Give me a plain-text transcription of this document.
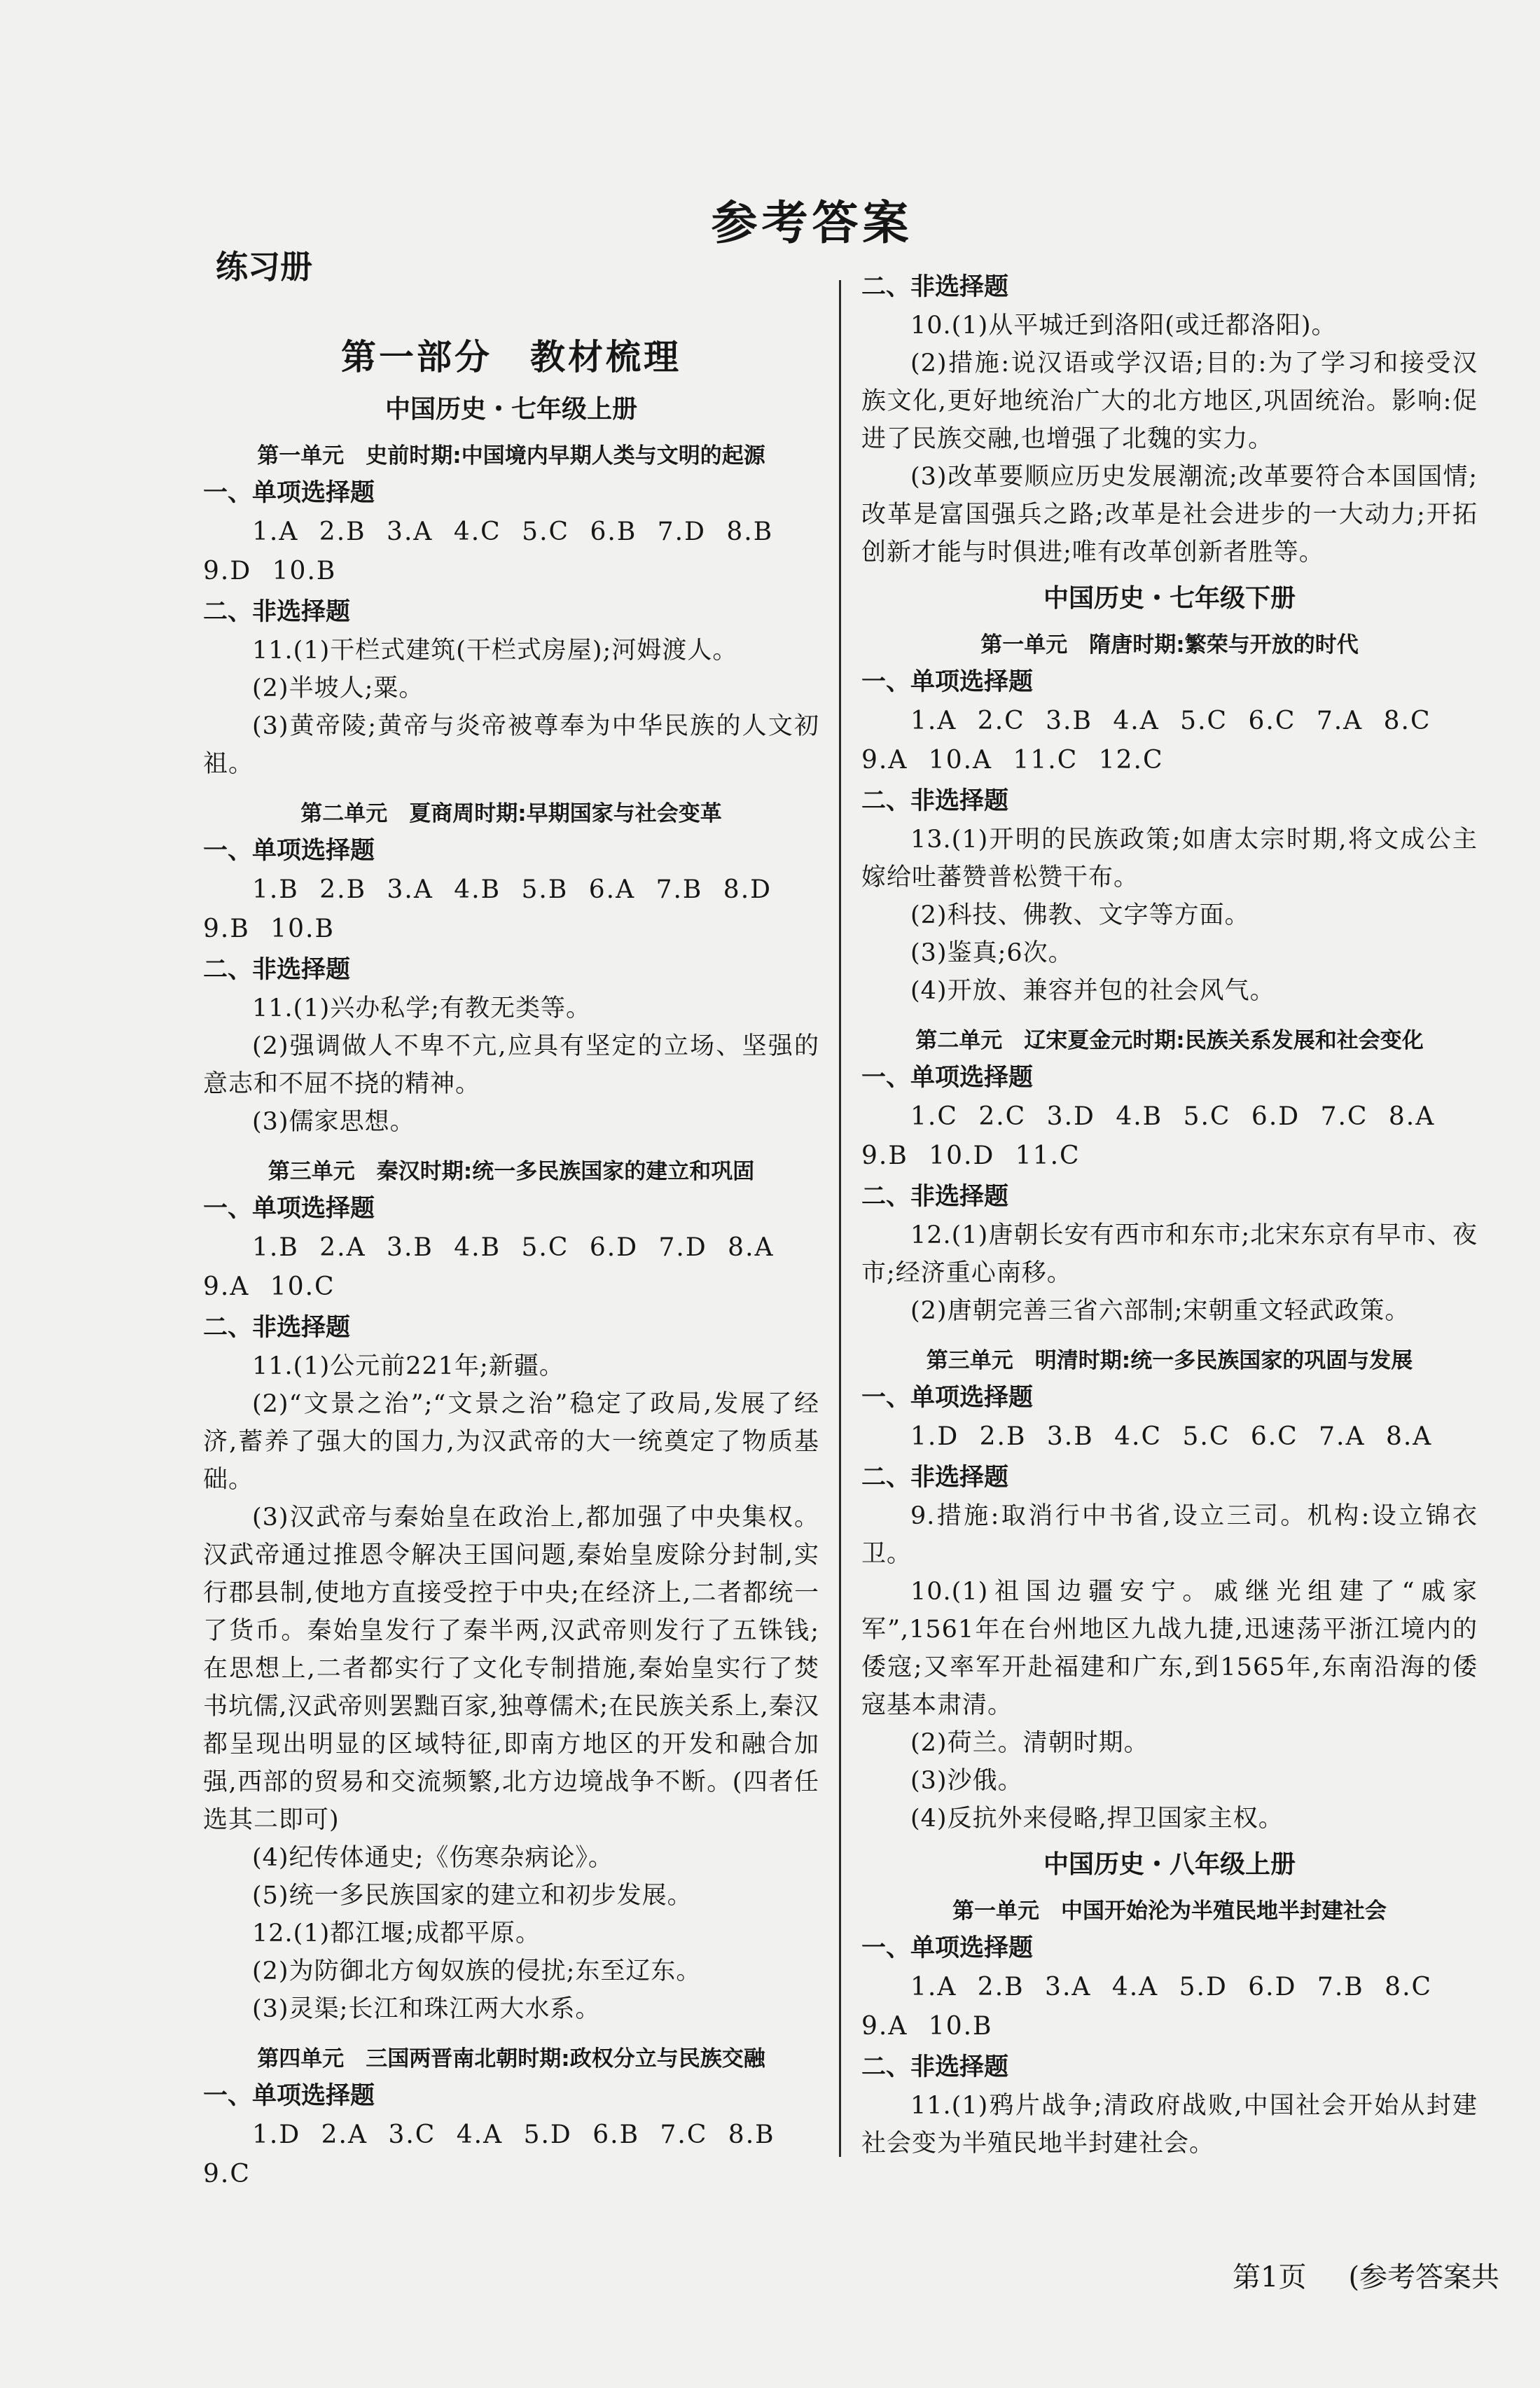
参考答案
练习册
第一部分　教材梳理
中国历史・七年级上册
第一单元　史前时期:中国境内早期人类与文明的起源
一、单项选择题
1.A 2.B 3.A 4.C 5.C 6.B 7.D 8.B
9.D 10.B
二、非选择题
11.(1)干栏式建筑(干栏式房屋);河姆渡人。
(2)半坡人;粟。
(3)黄帝陵;黄帝与炎帝被尊奉为中华民族的人文初祖。
第二单元　夏商周时期:早期国家与社会变革
一、单项选择题
1.B 2.B 3.A 4.B 5.B 6.A 7.B 8.D
9.B 10.B
二、非选择题
11.(1)兴办私学;有教无类等。
(2)强调做人不卑不亢,应具有坚定的立场、坚强的意志和不屈不挠的精神。
(3)儒家思想。
第三单元　秦汉时期:统一多民族国家的建立和巩固
一、单项选择题
1.B 2.A 3.B 4.B 5.C 6.D 7.D 8.A
9.A 10.C
二、非选择题
11.(1)公元前221年;新疆。
(2)“文景之治”;“文景之治”稳定了政局,发展了经济,蓄养了强大的国力,为汉武帝的大一统奠定了物质基础。
(3)汉武帝与秦始皇在政治上,都加强了中央集权。汉武帝通过推恩令解决王国问题,秦始皇废除分封制,实行郡县制,使地方直接受控于中央;在经济上,二者都统一了货币。秦始皇发行了秦半两,汉武帝则发行了五铢钱;在思想上,二者都实行了文化专制措施,秦始皇实行了焚书坑儒,汉武帝则罢黜百家,独尊儒术;在民族关系上,秦汉都呈现出明显的区域特征,即南方地区的开发和融合加强,西部的贸易和交流频繁,北方边境战争不断。(四者任选其二即可)
(4)纪传体通史;《伤寒杂病论》。
(5)统一多民族国家的建立和初步发展。
12.(1)都江堰;成都平原。
(2)为防御北方匈奴族的侵扰;东至辽东。
(3)灵渠;长江和珠江两大水系。
第四单元　三国两晋南北朝时期:政权分立与民族交融
一、单项选择题
1.D 2.A 3.C 4.A 5.D 6.B 7.C 8.B
9.C
二、非选择题
10.(1)从平城迁到洛阳(或迁都洛阳)。
(2)措施:说汉语或学汉语;目的:为了学习和接受汉族文化,更好地统治广大的北方地区,巩固统治。影响:促进了民族交融,也增强了北魏的实力。
(3)改革要顺应历史发展潮流;改革要符合本国国情;改革是富国强兵之路;改革是社会进步的一大动力;开拓创新才能与时俱进;唯有改革创新者胜等。
中国历史・七年级下册
第一单元　隋唐时期:繁荣与开放的时代
一、单项选择题
1.A 2.C 3.B 4.A 5.C 6.C 7.A 8.C
9.A 10.A 11.C 12.C
二、非选择题
13.(1)开明的民族政策;如唐太宗时期,将文成公主嫁给吐蕃赞普松赞干布。
(2)科技、佛教、文字等方面。
(3)鉴真;6次。
(4)开放、兼容并包的社会风气。
第二单元　辽宋夏金元时期:民族关系发展和社会变化
一、单项选择题
1.C 2.C 3.D 4.B 5.C 6.D 7.C 8.A
9.B 10.D 11.C
二、非选择题
12.(1)唐朝长安有西市和东市;北宋东京有早市、夜市;经济重心南移。
(2)唐朝完善三省六部制;宋朝重文轻武政策。
第三单元　明清时期:统一多民族国家的巩固与发展
一、单项选择题
1.D 2.B 3.B 4.C 5.C 6.C 7.A 8.A
二、非选择题
9.措施:取消行中书省,设立三司。机构:设立锦衣卫。
10.(1)祖国边疆安宁。戚继光组建了“戚家军”,1561年在台州地区九战九捷,迅速荡平浙江境内的倭寇;又率军开赴福建和广东,到1565年,东南沿海的倭寇基本肃清。
(2)荷兰。清朝时期。
(3)沙俄。
(4)反抗外来侵略,捍卫国家主权。
中国历史・八年级上册
第一单元　中国开始沦为半殖民地半封建社会
一、单项选择题
1.A 2.B 3.A 4.A 5.D 6.D 7.B 8.C
9.A 10.B
二、非选择题
11.(1)鸦片战争;清政府战败,中国社会开始从封建社会变为半殖民地半封建社会。
第1页 (参考答案共
